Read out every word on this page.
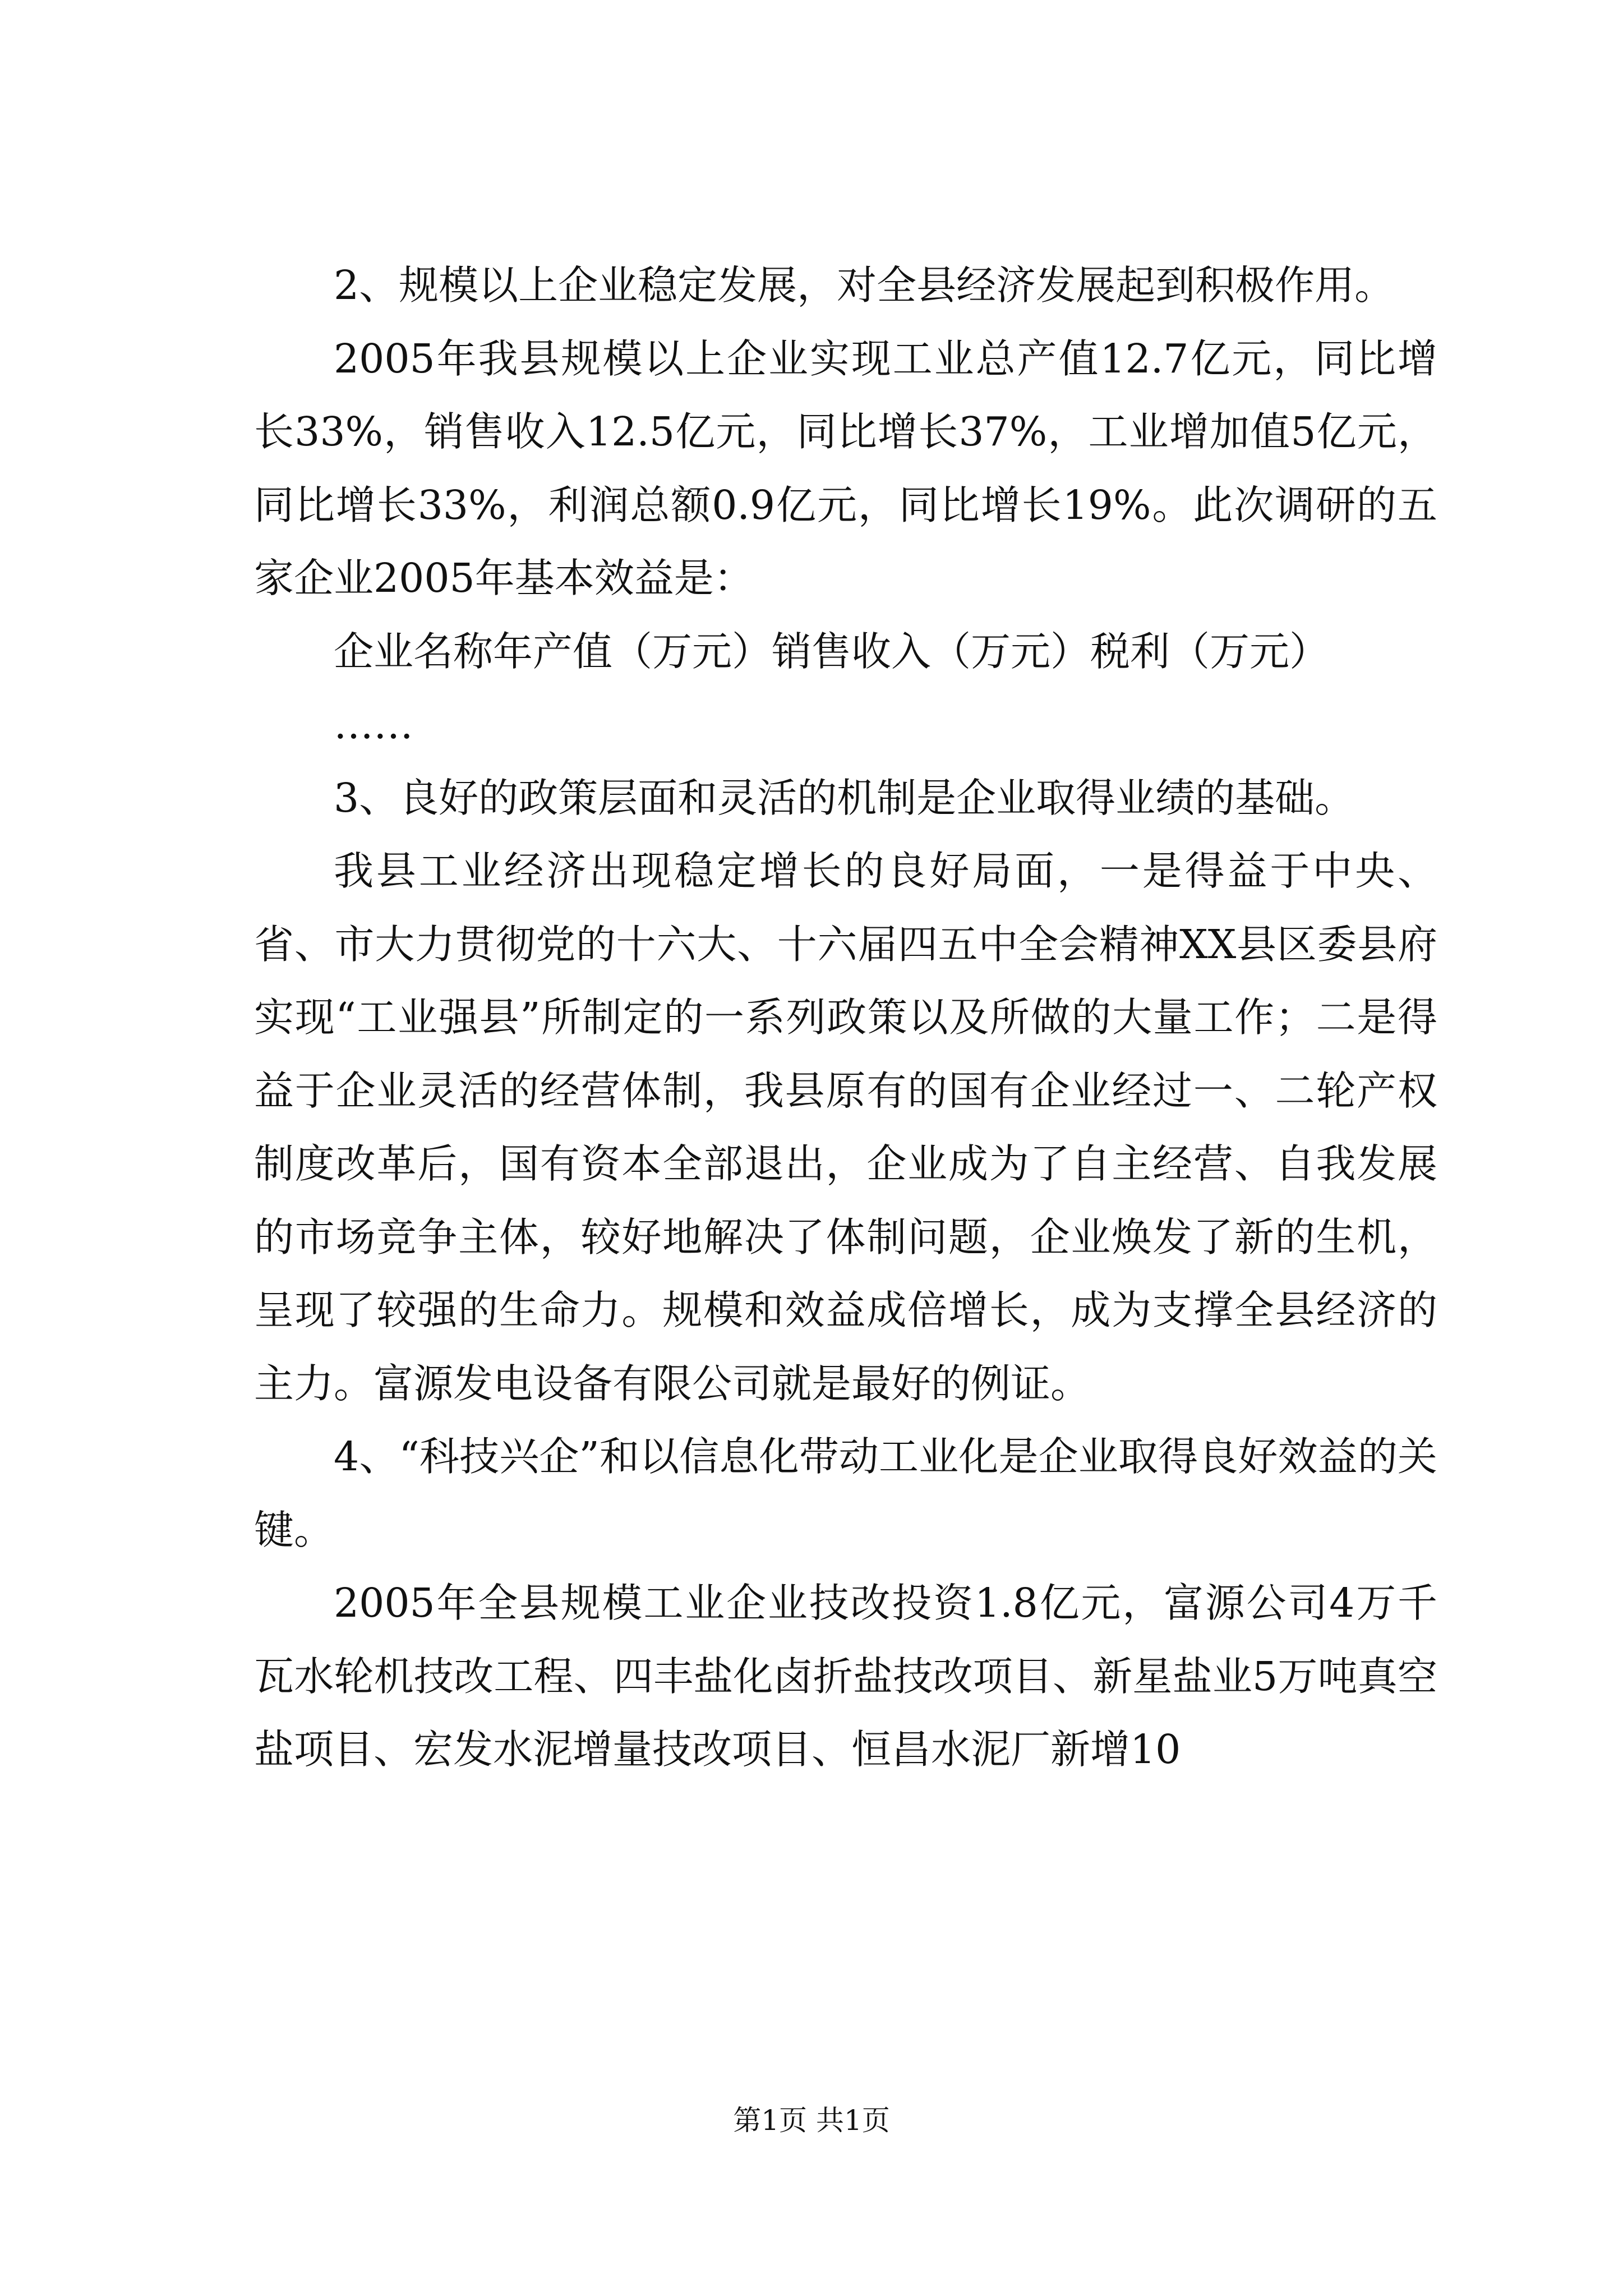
2、规模以上企业稳定发展，对全县经济发展起到积极作用。

2005年我县规模以上企业实现工业总产值12.7亿元，同比增长33%，销售收入12.5亿元，同比增长37%，工业增加值5亿元，同比增长33%，利润总额0.9亿元，同比增长19%。此次调研的五家企业2005年基本效益是：

企业名称年产值（万元）销售收入（万元）税利（万元）

……

3、良好的政策层面和灵活的机制是企业取得业绩的基础。

我县工业经济出现稳定增长的良好局面，一是得益于中央、省、市大力贯彻党的十六大、十六届四五中全会精神XX县区委县府实现“工业强县”所制定的一系列政策以及所做的大量工作；二是得益于企业灵活的经营体制，我县原有的国有企业经过一、二轮产权制度改革后，国有资本全部退出，企业成为了自主经营、自我发展的市场竞争主体，较好地解决了体制问题，企业焕发了新的生机，呈现了较强的生命力。规模和效益成倍增长，成为支撑全县经济的主力。富源发电设备有限公司就是最好的例证。

4、“科技兴企”和以信息化带动工业化是企业取得良好效益的关键。

2005年全县规模工业企业技改投资1.8亿元，富源公司4万千瓦水轮机技改工程、四丰盐化卤折盐技改项目、新星盐业5万吨真空盐项目、宏发水泥增量技改项目、恒昌水泥厂新增10

第1页 共1页
